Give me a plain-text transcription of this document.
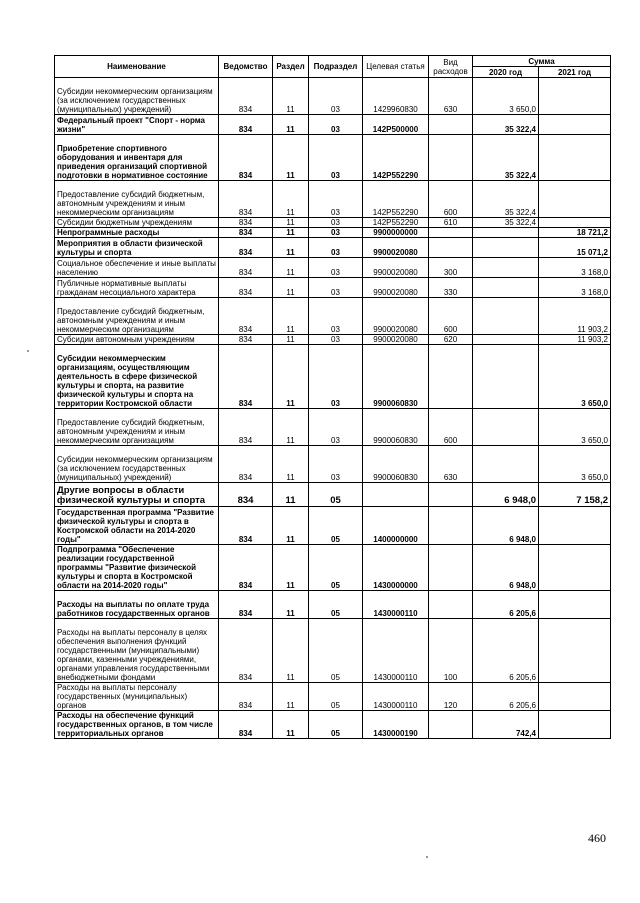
Наименование	Ведомство	Раздел	Подраздел	Целевая статья	Вид расходов	Сумма	
						2020 год	2021 год
Субсидии некоммерческим организациям (за исключением государственных (муниципальных) учреждений)	834	11	03	1429960830	630	3 650,0	
Федеральный проект "Спорт - норма жизни"	834	11	03	142P500000		35 322,4	
Приобретение спортивного оборудования и инвентаря для приведения организаций спортивной подготовки в нормативное состояние	834	11	03	142P552290		35 322,4	
Предоставление субсидий бюджетным, автономным учреждениям и иным некоммерческим организациям	834	11	03	142P552290	600	35 322,4	
Субсидии бюджетным учреждениям	834	11	03	142P552290	610	35 322,4	
Непрограммные расходы	834	11	03	9900000000			18 721,2
Мероприятия в области физической культуры и спорта	834	11	03	9900020080			15 071,2
Социальное обеспечение и иные выплаты населению	834	11	03	9900020080	300		3 168,0
Публичные нормативные выплаты гражданам несоциального характера	834	11	03	9900020080	330		3 168,0
Предоставление субсидий бюджетным, автономным учреждениям и иным некоммерческим организациям	834	11	03	9900020080	600		11 903,2
Субсидии автономным учреждениям	834	11	03	9900020080	620		11 903,2
Субсидии некоммерческим организациям, осуществляющим деятельность в сфере физической культуры и спорта, на развитие физической культуры и спорта на территории Костромской области	834	11	03	9900060830			3 650,0
Предоставление субсидий бюджетным, автономным учреждениям и иным некоммерческим организациям	834	11	03	9900060830	600		3 650,0
Субсидии некоммерческим организациям (за исключением государственных (муниципальных) учреждений)	834	11	03	9900060830	630		3 650,0
Другие вопросы в области физической культуры и спорта	834	11	05			6 948,0	7 158,2
Государственная программа "Развитие физической культуры и спорта в Костромской области на 2014-2020 годы"	834	11	05	1400000000		6 948,0	
Подпрограмма "Обеспечение реализации государственной программы "Развитие физической культуры и спорта в Костромской области на 2014-2020 годы"	834	11	05	1430000000		6 948,0	
Расходы на выплаты по оплате труда работников государственных органов	834	11	05	1430000110		6 205,6	
Расходы на выплаты персоналу в целях обеспечения выполнения функций государственными (муниципальными) органами, казенными учреждениями, органами управления государственными внебюджетными фондами	834	11	05	1430000110	100	6 205,6	
Расходы на выплаты персоналу государственных (муниципальных) органов	834	11	05	1430000110	120	6 205,6	
Расходы на обеспечение функций государственных органов, в том числе территориальных органов	834	11	05	1430000190		742,4	
460
